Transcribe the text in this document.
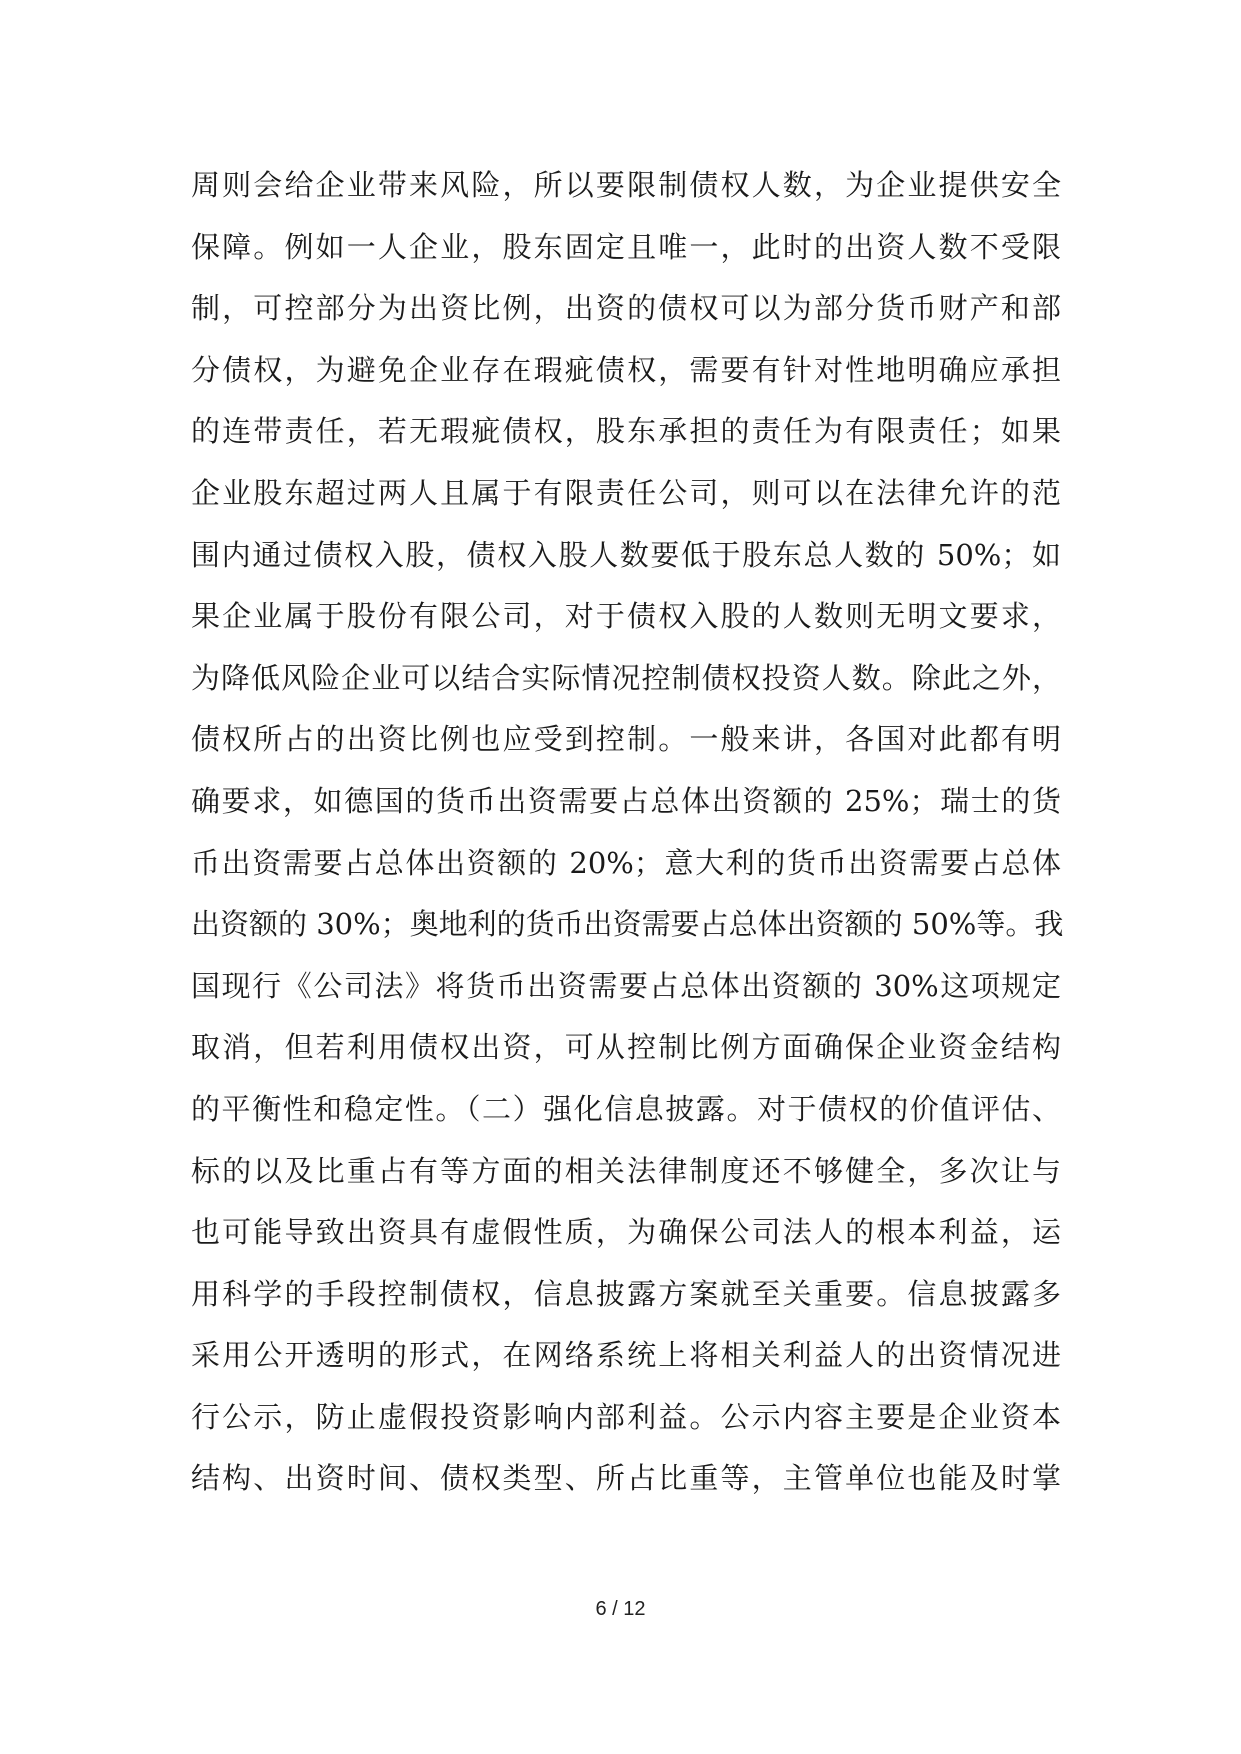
周则会给企业带来风险，所以要限制债权人数，为企业提供安全
保障。例如一人企业，股东固定且唯一，此时的出资人数不受限
制，可控部分为出资比例，出资的债权可以为部分货币财产和部
分债权，为避免企业存在瑕疵债权，需要有针对性地明确应承担
的连带责任，若无瑕疵债权，股东承担的责任为有限责任；如果
企业股东超过两人且属于有限责任公司，则可以在法律允许的范
围内通过债权入股，债权入股人数要低于股东总人数的 50%；如
果企业属于股份有限公司，对于债权入股的人数则无明文要求，
为降低风险企业可以结合实际情况控制债权投资人数。除此之外，
债权所占的出资比例也应受到控制。一般来讲，各国对此都有明
确要求，如德国的货币出资需要占总体出资额的 25%；瑞士的货
币出资需要占总体出资额的 20%；意大利的货币出资需要占总体
出资额的 30%；奥地利的货币出资需要占总体出资额的 50%等。我
国现行《公司法》将货币出资需要占总体出资额的 30%这项规定
取消，但若利用债权出资，可从控制比例方面确保企业资金结构
的平衡性和稳定性。（二）强化信息披露。对于债权的价值评估、
标的以及比重占有等方面的相关法律制度还不够健全，多次让与
也可能导致出资具有虚假性质，为确保公司法人的根本利益，运
用科学的手段控制债权，信息披露方案就至关重要。信息披露多
采用公开透明的形式，在网络系统上将相关利益人的出资情况进
行公示，防止虚假投资影响内部利益。公示内容主要是企业资本
结构、出资时间、债权类型、所占比重等，主管单位也能及时掌
6 / 12
